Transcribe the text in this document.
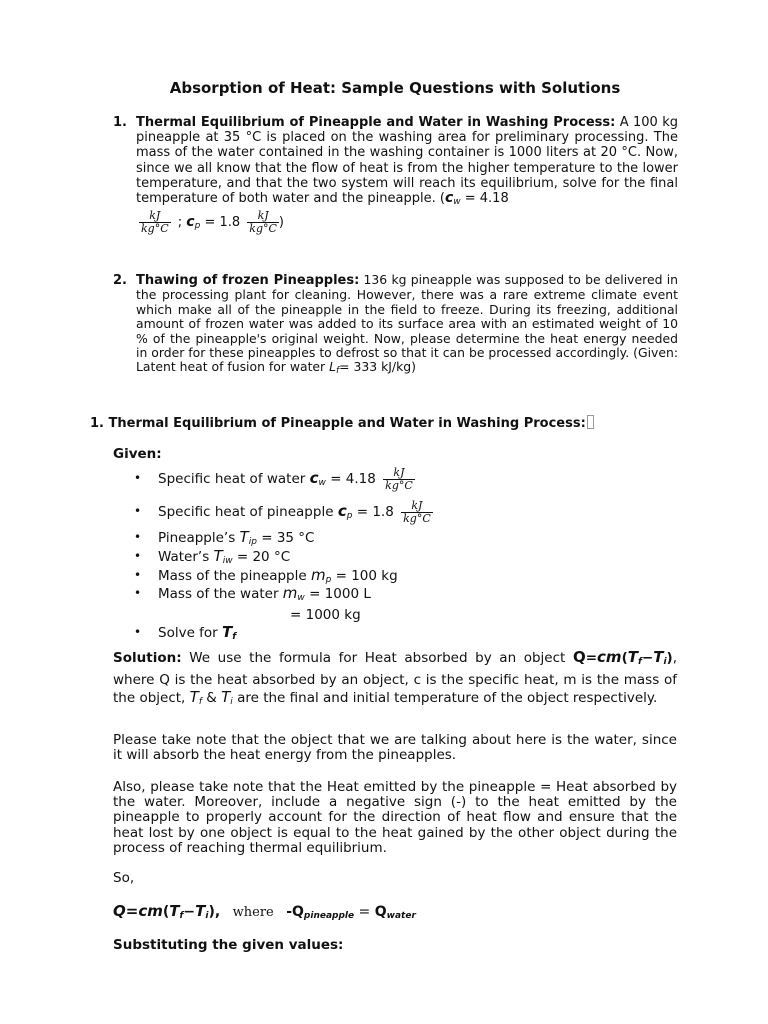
Absorption of Heat: Sample Questions with Solutions
1. Thermal Equilibrium of Pineapple and Water in Washing Process: A 100 kg pineapple at 35 °C is placed on the washing area for preliminary processing. The mass of the water contained in the washing container is 1000 liters at 20 °C. Now, since we all know that the flow of heat is from the higher temperature to the lower temperature, and that the two system will reach its equilibrium, solve for the final temperature of both water and the pineapple. ($c_w = 4.18$

$\frac{kJ}{kg^\circ C}$ ; $c_p = 1.8 \frac{kJ}{kg^\circ C}$ )
2. Thawing of frozen Pineapples: 136 kg pineapple was supposed to be delivered in the processing plant for cleaning. However, there was a rare extreme climate event which make all of the pineapple in the field to freeze. During its freezing, additional amount of frozen water was added to its surface area with an estimated weight of 10 % of the pineapple's original weight. Now, please determine the heat energy needed in order for these pineapples to defrost so that it can be processed accordingly. (Given: Latent heat of fusion for water $L_f= 333$ kJ/kg)
1. Thermal Equilibrium of Pineapple and Water in Washing Process:
Given:
• Specific heat of water $c_w = 4.18 \frac{kJ}{kg^\circ C}$
• Specific heat of pineapple $c_p = 1.8 \frac{kJ}{kg^\circ C}$
• Pineapple’s $T_{ip} = 35$ °C
• Water’s $T_{iw} = 20$ °C
• Mass of the pineapple $m_p = 100$ kg
• Mass of the water $m_w = 1000$ L
= 1000 kg
• Solve for $T_f$
Solution: We use the formula for Heat absorbed by an object $Q=cm(T_f-T_i)$, where Q is the heat absorbed by an object, c is the specific heat, m is the mass of the object, $T_f$ & $T_i$ are the final and initial temperature of the object respectively.
Please take note that the object that we are talking about here is the water, since it will absorb the heat energy from the pineapples.
Also, please take note that the Heat emitted by the pineapple = Heat absorbed by the water. Moreover, include a negative sign (-) to the heat emitted by the pineapple to properly account for the direction of heat flow and ensure that the heat lost by one object is equal to the heat gained by the other object during the process of reaching thermal equilibrium.
So,
$Q=cm(T_f-T_i)$, where $-Q_{pineapple} = Q_{water}$
Substituting the given values:
